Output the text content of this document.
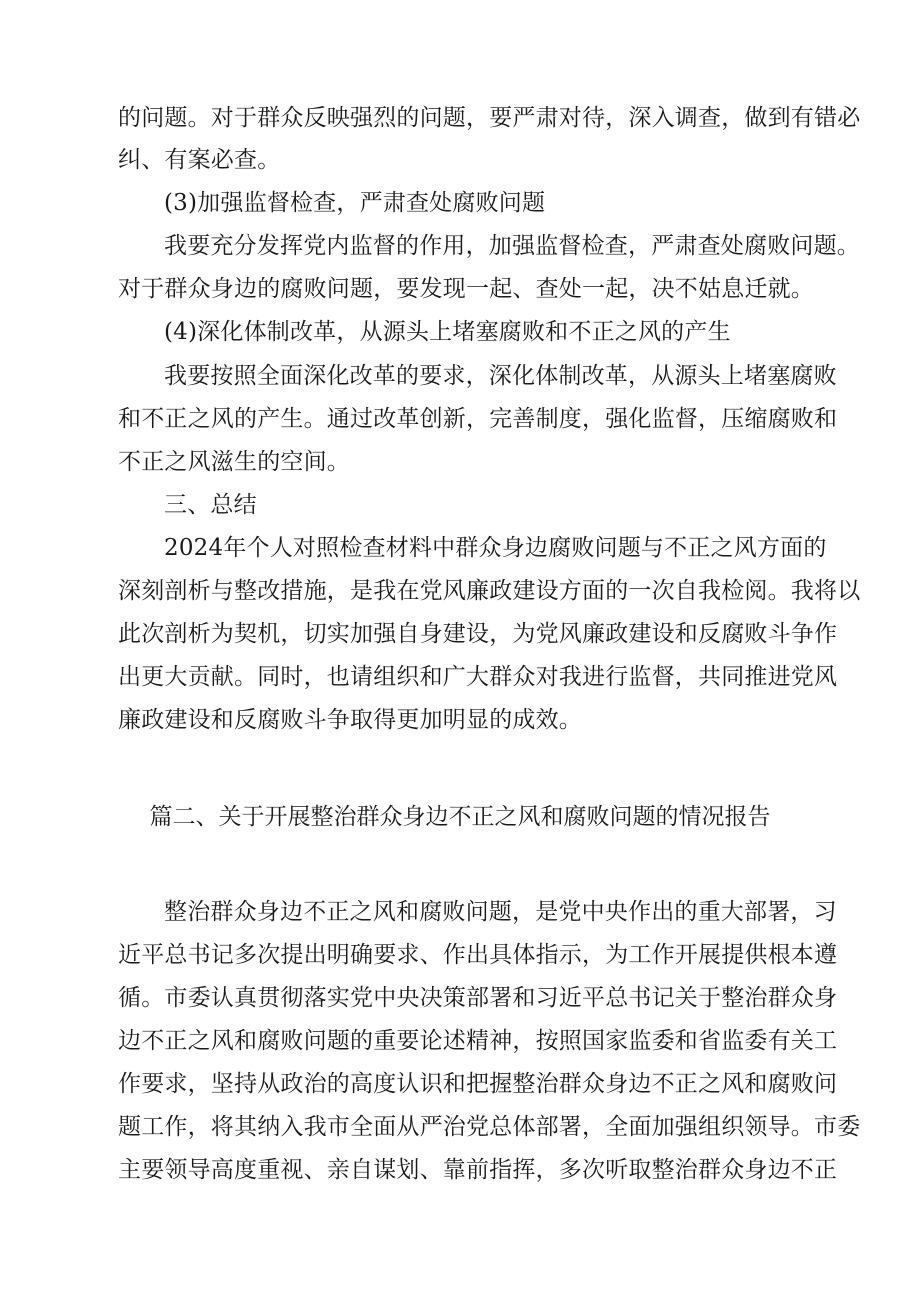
的问题。对于群众反映强烈的问题，要严肃对待，深入调查，做到有错必
纠、有案必查。
(3)加强监督检查，严肃查处腐败问题
我要充分发挥党内监督的作用，加强监督检查，严肃查处腐败问题。
对于群众身边的腐败问题，要发现一起、查处一起，决不姑息迁就。
(4)深化体制改革，从源头上堵塞腐败和不正之风的产生
我要按照全面深化改革的要求，深化体制改革，从源头上堵塞腐败
和不正之风的产生。通过改革创新，完善制度，强化监督，压缩腐败和
不正之风滋生的空间。
三、总结
2024年个人对照检查材料中群众身边腐败问题与不正之风方面的
深刻剖析与整改措施，是我在党风廉政建设方面的一次自我检阅。我将以
此次剖析为契机，切实加强自身建设，为党风廉政建设和反腐败斗争作
出更大贡献。同时，也请组织和广大群众对我进行监督，共同推进党风
廉政建设和反腐败斗争取得更加明显的成效。
篇二、关于开展整治群众身边不正之风和腐败问题的情况报告
整治群众身边不正之风和腐败问题，是党中央作出的重大部署，习
近平总书记多次提出明确要求、作出具体指示，为工作开展提供根本遵
循。市委认真贯彻落实党中央决策部署和习近平总书记关于整治群众身
边不正之风和腐败问题的重要论述精神，按照国家监委和省监委有关工
作要求，坚持从政治的高度认识和把握整治群众身边不正之风和腐败问
题工作，将其纳入我市全面从严治党总体部署，全面加强组织领导。市委
主要领导高度重视、亲自谋划、靠前指挥，多次听取整治群众身边不正
